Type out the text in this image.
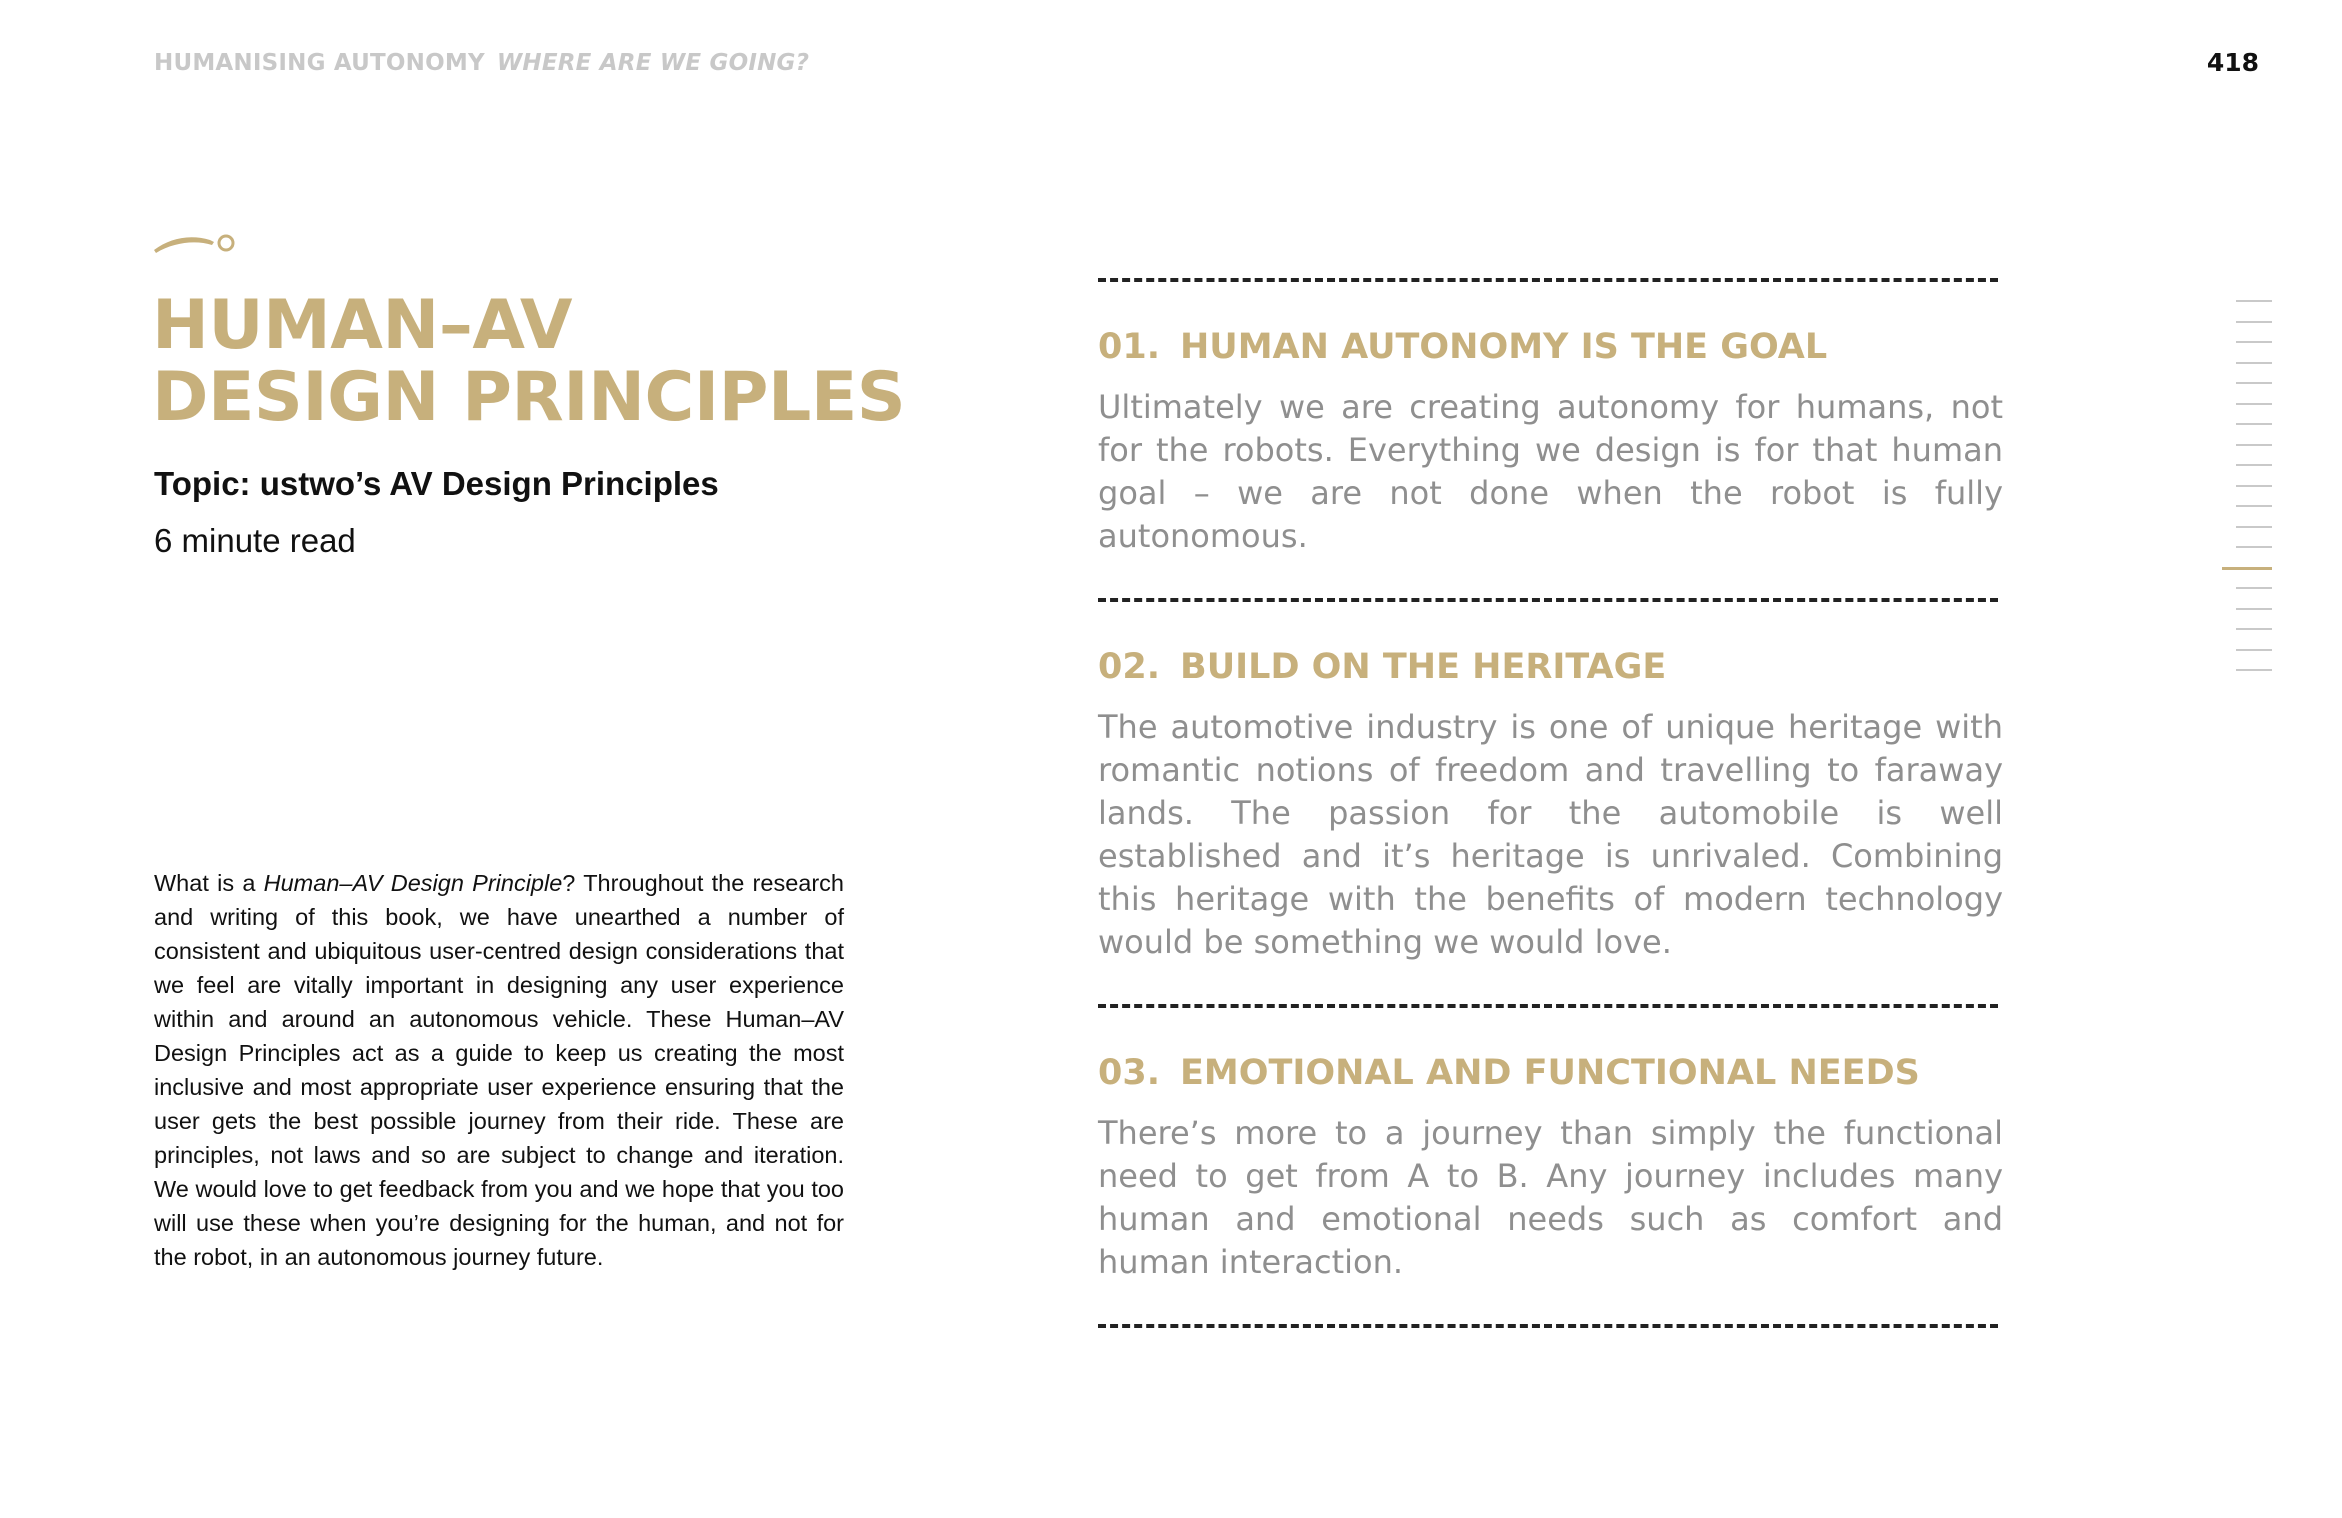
HUMANISING AUTONOMY WHERE ARE WE GOING?	418
HUMAN–AV
DESIGN PRINCIPLES
Topic: ustwo’s AV Design Principles
6 minute read

What is a Human–AV Design Principle? Throughout the research and writing of this book, we have unearthed a number of consistent and ubiquitous user-centred design considerations that we feel are vitally important in designing any user experience within and around an autonomous vehicle. These Human–AV Design Principles act as a guide to keep us creating the most inclusive and most appropriate user experience ensuring that the user gets the best possible journey from their ride. These are principles, not laws and so are subject to change and iteration. We would love to get feedback from you and we hope that you too will use these when you’re designing for the human, and not for the robot, in an autonomous journey future.

01. HUMAN AUTONOMY IS THE GOAL

Ultimately we are creating autonomy for humans, not for the robots. Everything we design is for that human goal – we are not done when the robot is fully autonomous.

02. BUILD ON THE HERITAGE

The automotive industry is one of unique heritage with romantic notions of freedom and travelling to faraway lands. The passion for the automobile is well established and it’s heritage is unrivaled. Combining this heritage with the benefits of modern technology would be something we would love.

03. EMOTIONAL AND FUNCTIONAL NEEDS

There’s more to a journey than simply the functional need to get from A to B. Any journey includes many human and emotional needs such as comfort and human interaction.
